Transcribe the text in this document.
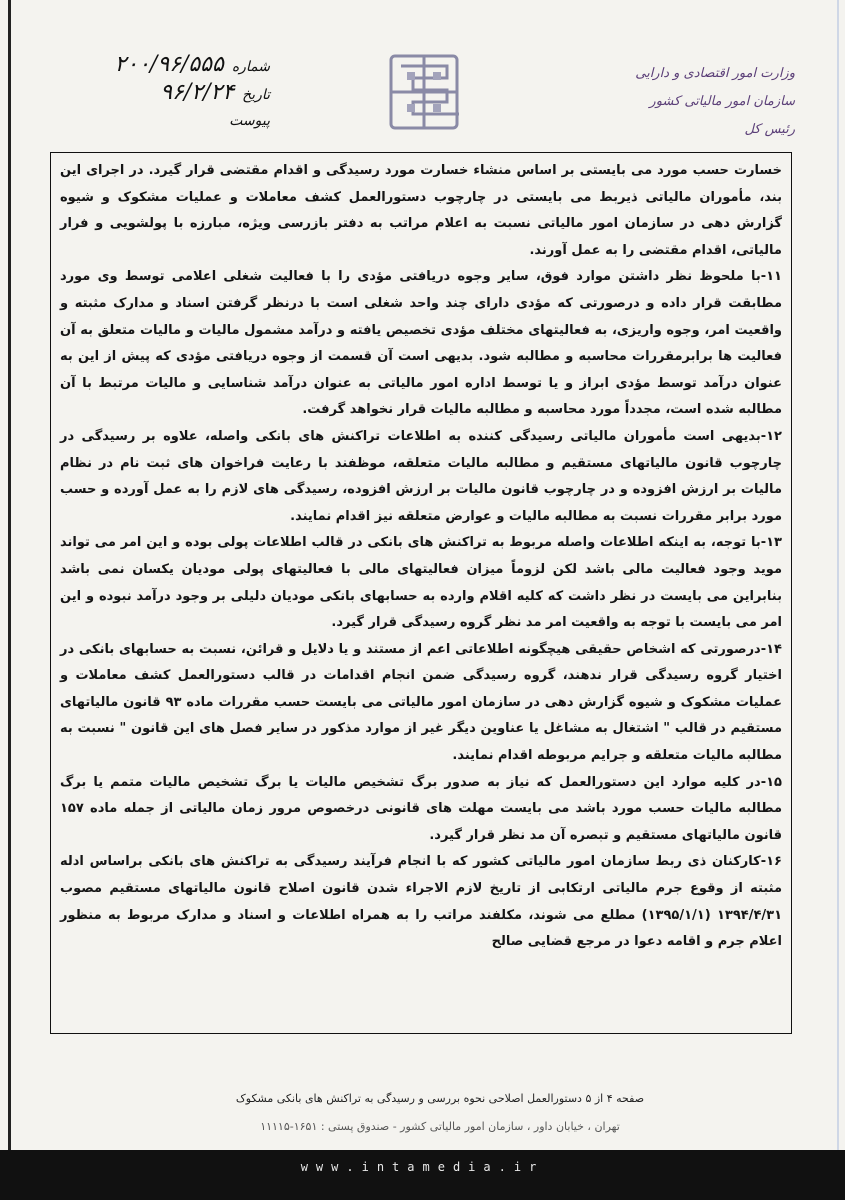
وزارت امور اقتصادی و دارایی
سازمان امور مالیاتی کشور
رئیس کل
شماره
۲۰۰/۹۶/۵۵۵
تاریخ
۹۶/۲/۲۴
پیوست

خسارت حسب مورد می بایستی بر اساس منشاء خسارت مورد رسیدگی و اقدام مقتضی قرار گیرد. در اجرای این بند، مأموران مالیاتی ذیربط می بایستی در چارچوب دستورالعمل کشف معاملات و عملیات مشکوک و شیوه گزارش دهی در سازمان امور مالیاتی نسبت به اعلام مراتب به دفتر بازرسی ویژه، مبارزه با پولشویی و فرار مالیاتی، اقدام مقتضی را به عمل آورند.

۱۱-با ملحوظ نظر داشتن موارد فوق، سایر وجوه دریافتی مؤدی را با فعالیت شغلی اعلامی توسط وی مورد مطابقت قرار داده و درصورتی که مؤدی دارای چند واحد شغلی است با درنظر گرفتن اسناد و مدارک مثبته و واقعیت امر، وجوه واریزی، به فعالیتهای مختلف مؤدی تخصیص یافته و درآمد مشمول مالیات و مالیات متعلق به آن فعالیت ها برابرمقررات محاسبه و مطالبه شود. بدیهی است آن قسمت از وجوه دریافتی مؤدی که پیش از این به عنوان درآمد توسط مؤدی ابراز و یا توسط اداره امور مالیاتی به عنوان درآمد شناسایی و مالیات مرتبط با آن مطالبه شده است، مجدداً مورد محاسبه و مطالبه مالیات قرار نخواهد گرفت.

۱۲-بدیهی است مأموران مالیاتی رسیدگی کننده به اطلاعات تراکنش های بانکی واصله، علاوه بر رسیدگی در چارچوب قانون مالیاتهای مستقیم و مطالبه مالیات متعلقه، موظفند با رعایت فراخوان های ثبت نام در نظام مالیات بر ارزش افزوده و در چارچوب قانون مالیات بر ارزش افزوده، رسیدگی های لازم را به عمل آورده و حسب مورد برابر مقررات نسبت به مطالبه مالیات و عوارض متعلقه نیز اقدام نمایند.

۱۳-با توجه، به اینکه اطلاعات واصله مربوط به تراکنش های بانکی در قالب اطلاعات پولی بوده و این امر می تواند موید وجود فعالیت مالی باشد لکن لزوماً میزان فعالیتهای مالی با فعالیتهای پولی مودیان یکسان نمی باشد بنابراین می بایست در نظر داشت که کلیه اقلام وارده به حسابهای بانکی مودیان دلیلی بر وجود درآمد نبوده و این امر می بایست با توجه به واقعیت امر مد نظر گروه رسیدگی قرار گیرد.

۱۴-درصورتی که اشخاص حقیقی هیچگونه اطلاعاتی اعم از مستند و یا دلایل و قرائن، نسبت به حسابهای بانکی در اختیار گروه رسیدگی قرار ندهند، گروه رسیدگی ضمن انجام اقدامات در قالب دستورالعمل کشف معاملات و عملیات مشکوک و شیوه گزارش دهی در سازمان امور مالیاتی می بایست حسب مقررات ماده ۹۳ قانون مالیاتهای مستقیم در قالب " اشتغال به مشاغل یا عناوین دیگر غیر از موارد مذکور در سایر فصل های این قانون " نسبت به مطالبه مالیات متعلقه و جرایم مربوطه اقدام نمایند.

۱۵-در کلیه موارد این دستورالعمل که نیاز به صدور برگ تشخیص مالیات یا برگ تشخیص مالیات متمم یا برگ مطالبه مالیات حسب مورد باشد می بایست مهلت های قانونی درخصوص مرور زمان مالیاتی از جمله ماده ۱۵۷ قانون مالیاتهای مستقیم و تبصره آن مد نظر قرار گیرد.

۱۶-کارکنان ذی ربط سازمان امور مالیاتی کشور که با انجام فرآیند رسیدگی به تراکنش های بانکی براساس ادله مثبته از وقوع جرم مالیاتی ارتکابی از تاریخ لازم الاجراء شدن قانون اصلاح قانون مالیاتهای مستقیم مصوب ۱۳۹۴/۴/۳۱ (۱۳۹۵/۱/۱) مطلع می شوند، مکلفند مراتب را به همراه اطلاعات و اسناد و مدارک مربوط به منظور اعلام جرم و اقامه دعوا در مرجع قضایی صالح

صفحه ۴ از ۵ دستورالعمل اصلاحی نحوه بررسی و رسیدگی به تراکنش های بانکی مشکوک
تهران ، خیابان داور ، سازمان امور مالیاتی کشور - صندوق پستی : ۱۶۵۱-۱۱۱۱۵
www.intamedia.ir
